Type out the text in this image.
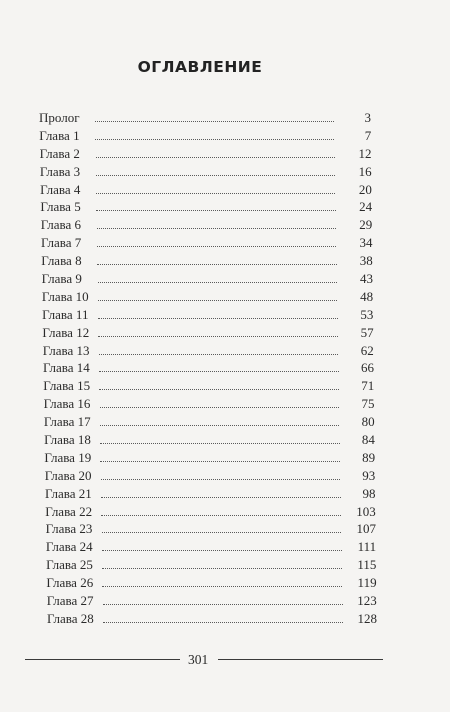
ОГЛАВЛЕНИЕ
Пролог	3
Глава 1	7
Глава 2	12
Глава 3	16
Глава 4	20
Глава 5	24
Глава 6	29
Глава 7	34
Глава 8	38
Глава 9	43
Глава 10	48
Глава 11	53
Глава 12	57
Глава 13	62
Глава 14	66
Глава 15	71
Глава 16	75
Глава 17	80
Глава 18	84
Глава 19	89
Глава 20	93
Глава 21	98
Глава 22	103
Глава 23	107
Глава 24	111
Глава 25	115
Глава 26	119
Глава 27	123
Глава 28	128
301
